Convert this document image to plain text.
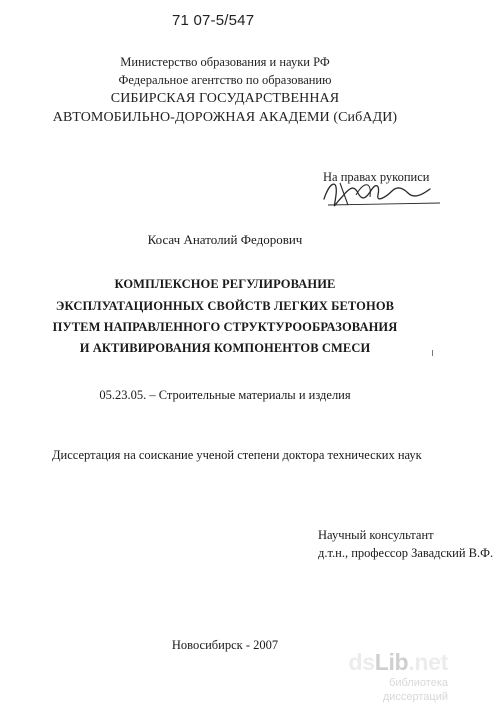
71 07-5/547
Министерство образования и науки РФ
Федеральное агентство по образованию
СИБИРСКАЯ ГОСУДАРСТВЕННАЯ
АВТОМОБИЛЬНО-ДОРОЖНАЯ АКАДЕМИ (СибАДИ)
На правах рукописи
Косач Анатолий Федорович
КОМПЛЕКСНОЕ РЕГУЛИРОВАНИЕ
ЭКСПЛУАТАЦИОННЫХ СВОЙСТВ ЛЕГКИХ БЕТОНОВ
ПУТЕМ НАПРАВЛЕННОГО СТРУКТУРООБРАЗОВАНИЯ
И АКТИВИРОВАНИЯ КОМПОНЕНТОВ СМЕСИ
05.23.05. – Строительные материалы и изделия
Диссертация на соискание ученой степени доктора технических наук
Научный консультант
д.т.н., профессор Завадский В.Ф.
Новосибирск - 2007
dsLib.net
библиотека диссертаций
